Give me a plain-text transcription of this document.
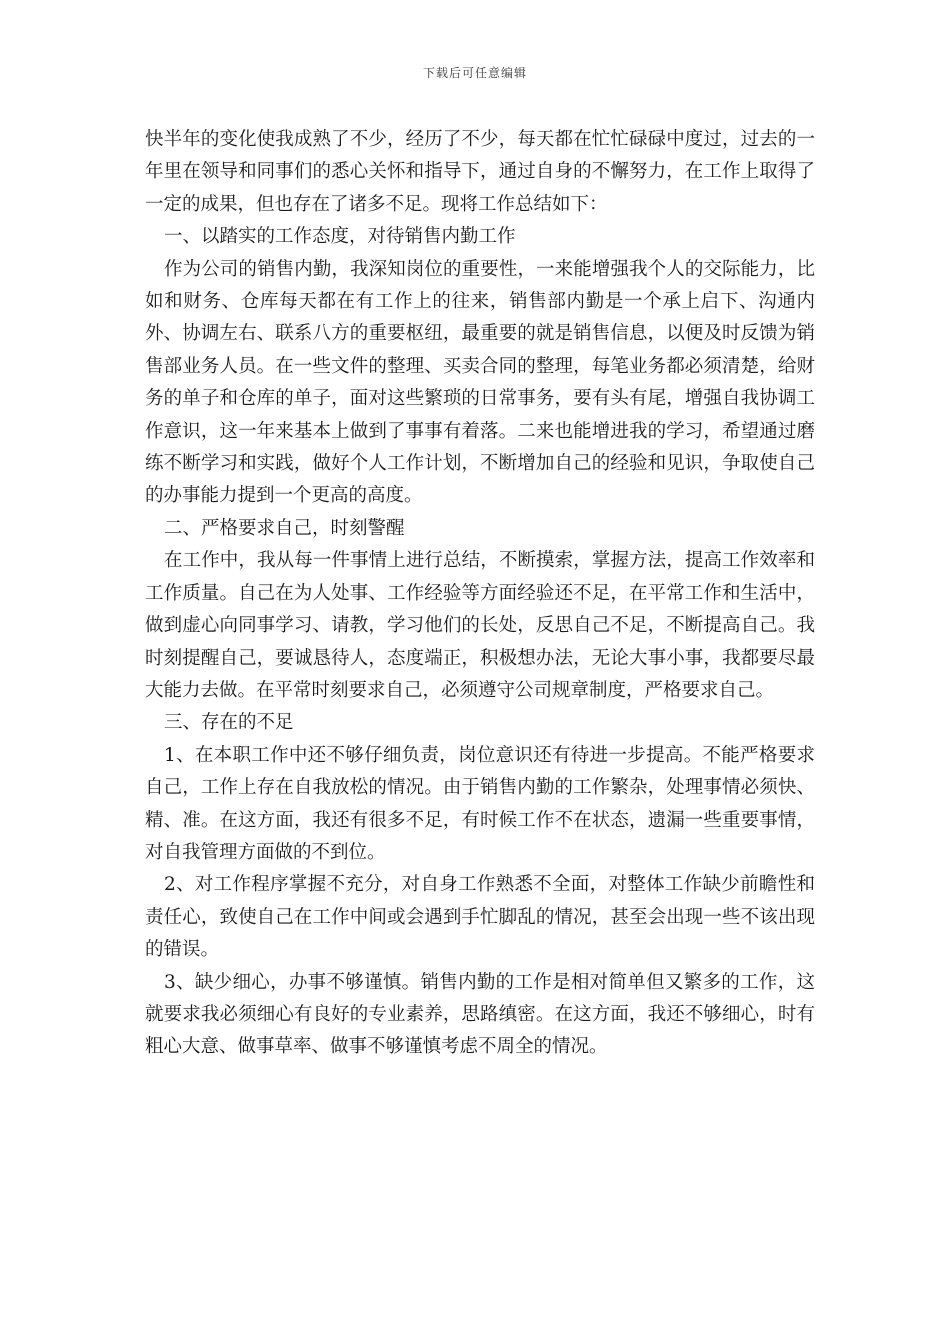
下载后可任意编辑

快半年的变化使我成熟了不少，经历了不少，每天都在忙忙碌碌中度过，过去的一年里在领导和同事们的悉心关怀和指导下，通过自身的不懈努力，在工作上取得了一定的成果，但也存在了诸多不足。现将工作总结如下：

一、以踏实的工作态度，对待销售内勤工作

作为公司的销售内勤，我深知岗位的重要性，一来能增强我个人的交际能力，比如和财务、仓库每天都在有工作上的往来，销售部内勤是一个承上启下、沟通内外、协调左右、联系八方的重要枢纽，最重要的就是销售信息，以便及时反馈为销售部业务人员。在一些文件的整理、买卖合同的整理，每笔业务都必须清楚，给财务的单子和仓库的单子，面对这些繁琐的日常事务，要有头有尾，增强自我协调工作意识，这一年来基本上做到了事事有着落。二来也能增进我的学习，希望通过磨练不断学习和实践，做好个人工作计划，不断增加自己的经验和见识，争取使自己的办事能力提到一个更高的高度。

二、严格要求自己，时刻警醒

在工作中，我从每一件事情上进行总结，不断摸索，掌握方法，提高工作效率和工作质量。自己在为人处事、工作经验等方面经验还不足，在平常工作和生活中，做到虚心向同事学习、请教，学习他们的长处，反思自己不足，不断提高自己。我时刻提醒自己，要诚恳待人，态度端正，积极想办法，无论大事小事，我都要尽最大能力去做。在平常时刻要求自己，必须遵守公司规章制度，严格要求自己。

三、存在的不足

1、在本职工作中还不够仔细负责，岗位意识还有待进一步提高。不能严格要求自己，工作上存在自我放松的情况。由于销售内勤的工作繁杂，处理事情必须快、精、准。在这方面，我还有很多不足，有时候工作不在状态，遗漏一些重要事情，对自我管理方面做的不到位。

2、对工作程序掌握不充分，对自身工作熟悉不全面，对整体工作缺少前瞻性和责任心，致使自己在工作中间或会遇到手忙脚乱的情况，甚至会出现一些不该出现的错误。

3、缺少细心，办事不够谨慎。销售内勤的工作是相对简单但又繁多的工作，这就要求我必须细心有良好的专业素养，思路缜密。在这方面，我还不够细心，时有粗心大意、做事草率、做事不够谨慎考虑不周全的情况。
